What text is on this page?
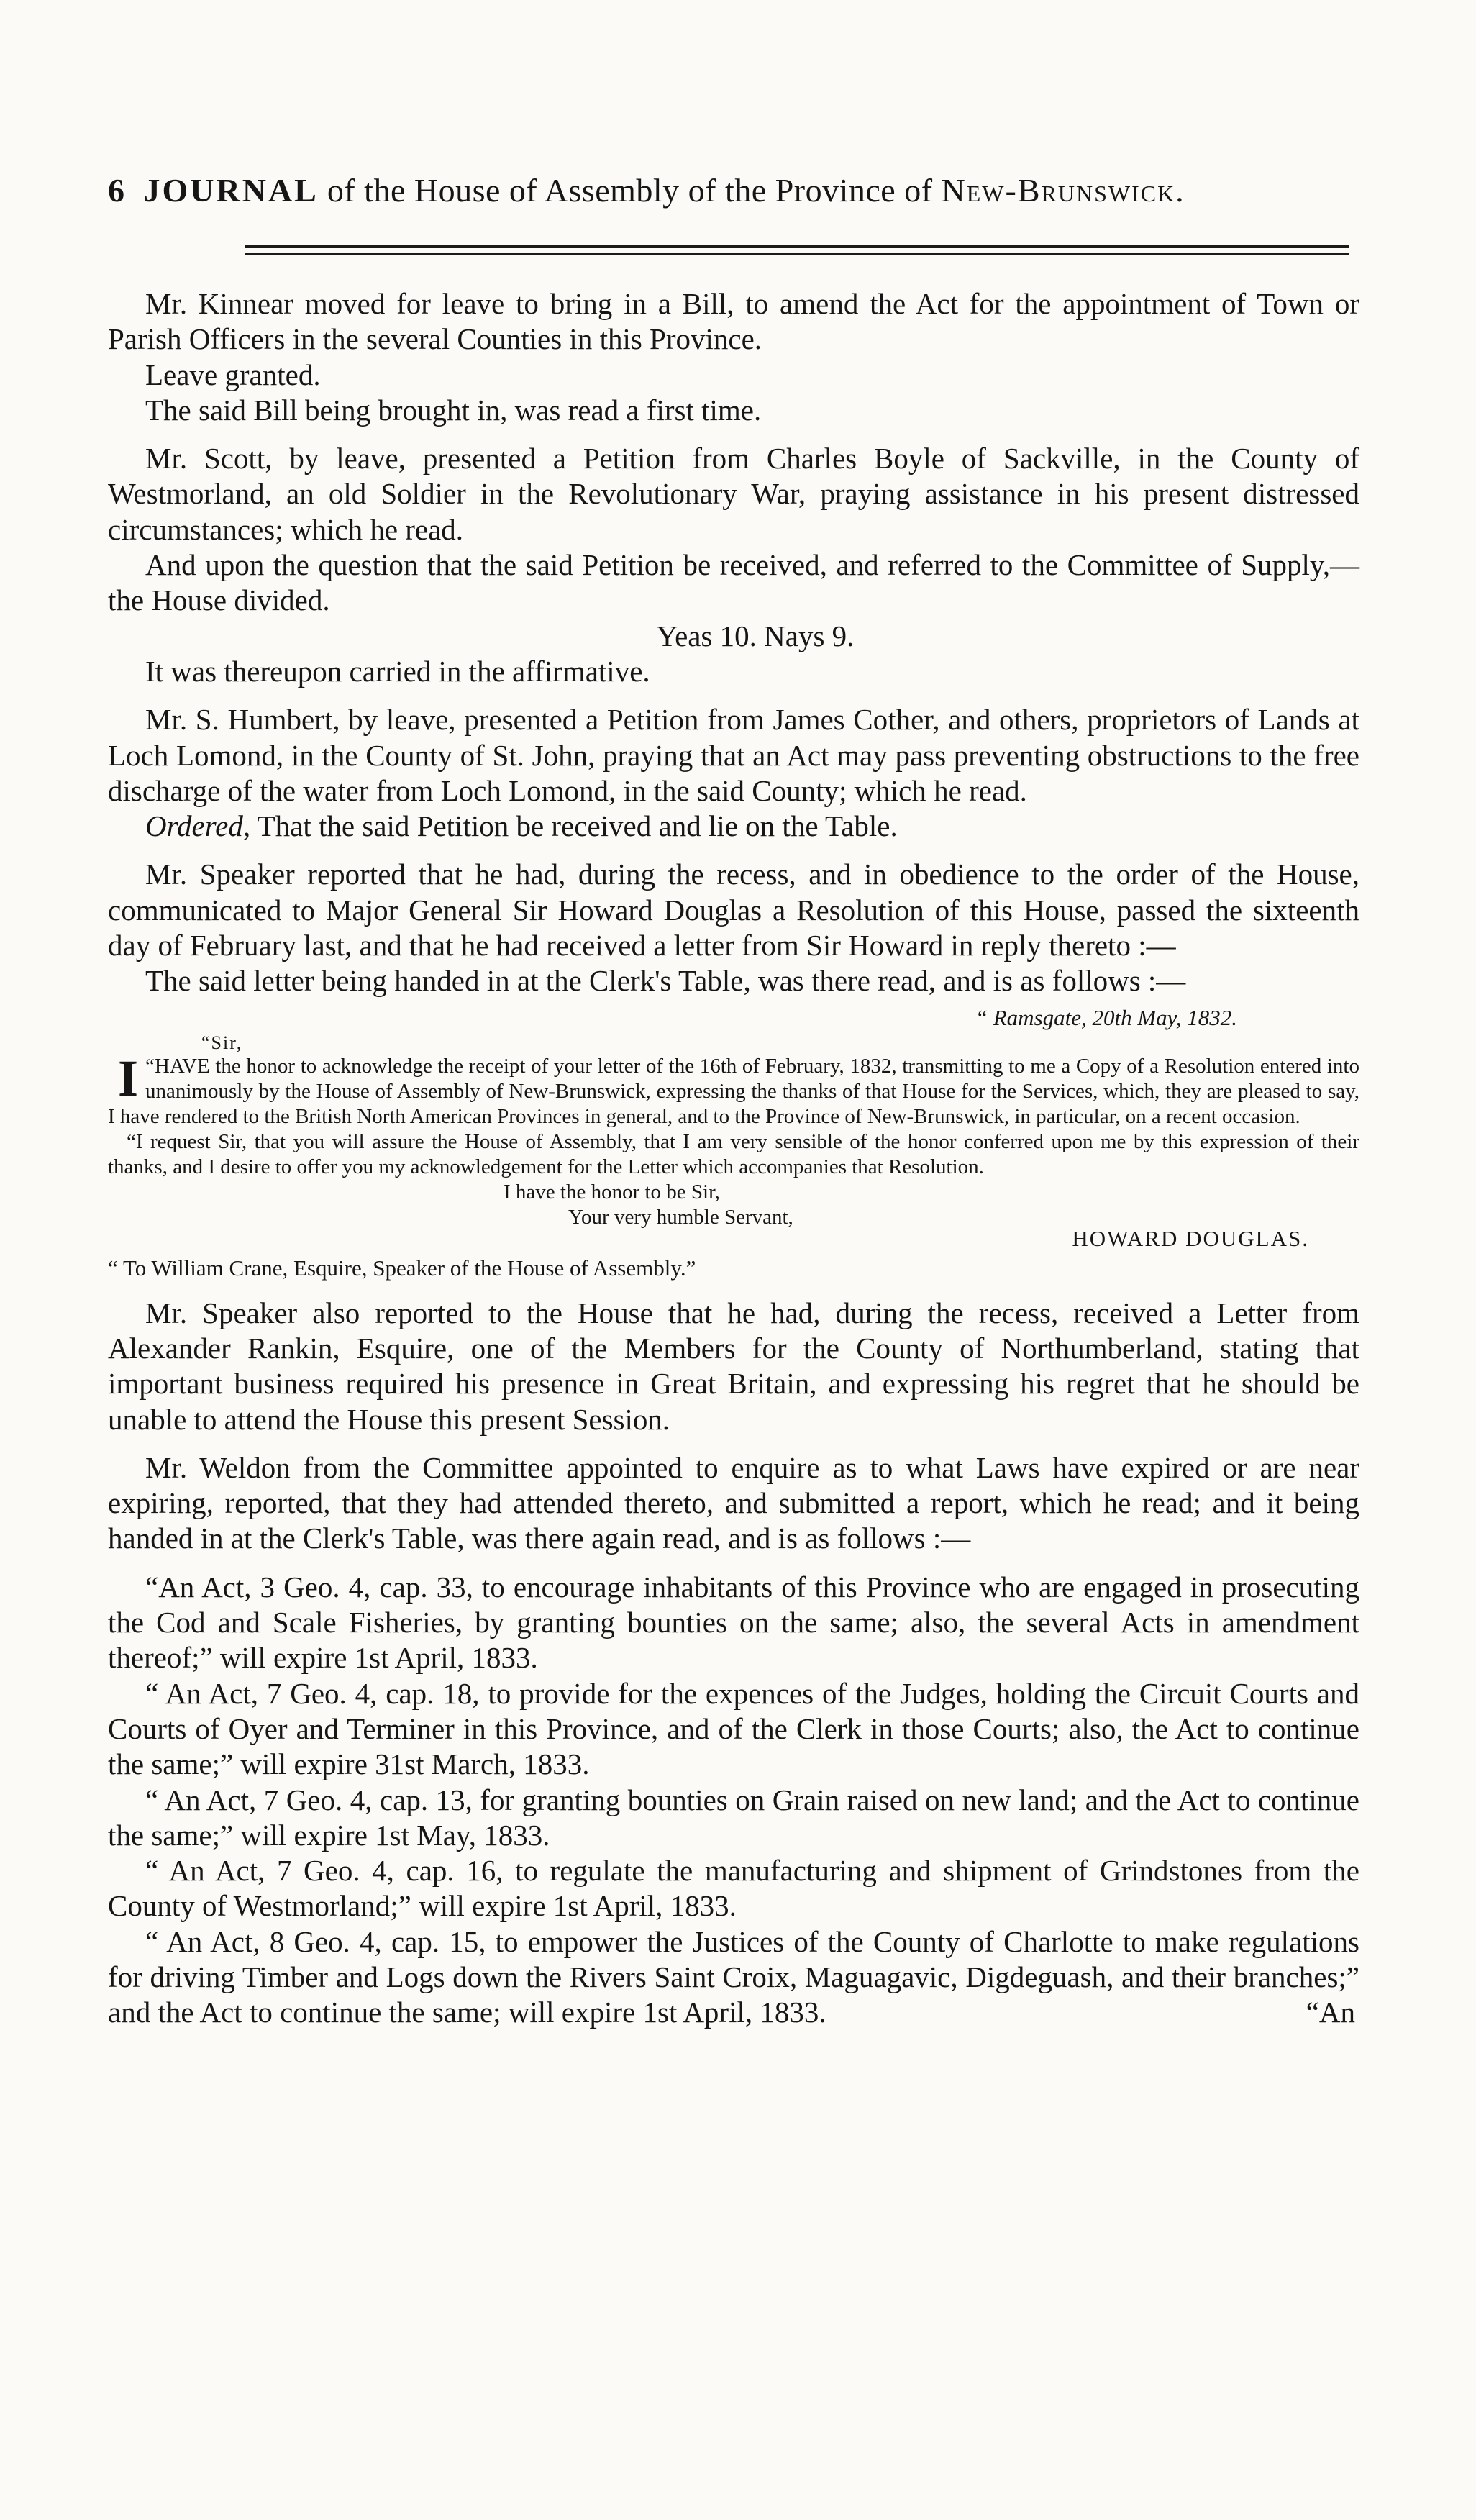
6 JOURNAL of the House of Assembly of the Province of New-Brunswick.

Mr. Kinnear moved for leave to bring in a Bill, to amend the Act for the appointment of Town or Parish Officers in the several Counties in this Province.

Leave granted.

The said Bill being brought in, was read a first time.

Mr. Scott, by leave, presented a Petition from Charles Boyle of Sackville, in the County of Westmorland, an old Soldier in the Revolutionary War, praying assistance in his present distressed circumstances; which he read.

And upon the question that the said Petition be received, and referred to the Committee of Supply,—the House divided.

Yeas 10. Nays 9.

It was thereupon carried in the affirmative.

Mr. S. Humbert, by leave, presented a Petition from James Cother, and others, proprietors of Lands at Loch Lomond, in the County of St. John, praying that an Act may pass preventing obstructions to the free discharge of the water from Loch Lomond, in the said County; which he read.

Ordered, That the said Petition be received and lie on the Table.

Mr. Speaker reported that he had, during the recess, and in obedience to the order of the House, communicated to Major General Sir Howard Douglas a Resolution of this House, passed the sixteenth day of February last, and that he had received a letter from Sir Howard in reply thereto :—

The said letter being handed in at the Clerk's Table, was there read, and is as follows :—

“ Ramsgate, 20th May, 1832.

“Sir,

“
I HAVE the honor to acknowledge the receipt of your letter of the 16th of February, 1832, transmitting to me a Copy of a Resolution entered into unanimously by the House of Assembly of New-Brunswick, expressing the thanks of that House for the Services, which, they are pleased to say, I have rendered to the British North American Provinces in general, and to the Province of New-Brunswick, in particular, on a recent occasion.

“I request Sir, that you will assure the House of Assembly, that I am very sensible of the honor conferred upon me by this expression of their thanks, and I desire to offer you my acknowledgement for the Letter which accompanies that Resolution.

I have the honor to be Sir,

Your very humble Servant,

HOWARD DOUGLAS.

“ To William Crane, Esquire, Speaker of the House of Assembly.”

Mr. Speaker also reported to the House that he had, during the recess, received a Letter from Alexander Rankin, Esquire, one of the Members for the County of Northumberland, stating that important business required his presence in Great Britain, and expressing his regret that he should be unable to attend the House this present Session.

Mr. Weldon from the Committee appointed to enquire as to what Laws have expired or are near expiring, reported, that they had attended thereto, and submitted a report, which he read; and it being handed in at the Clerk's Table, was there again read, and is as follows :—

“An Act, 3 Geo. 4, cap. 33, to encourage inhabitants of this Province who are engaged in prosecuting the Cod and Scale Fisheries, by granting bounties on the same; also, the several Acts in amendment thereof;” will expire 1st April, 1833.

“ An Act, 7 Geo. 4, cap. 18, to provide for the expences of the Judges, holding the Circuit Courts and Courts of Oyer and Terminer in this Province, and of the Clerk in those Courts; also, the Act to continue the same;” will expire 31st March, 1833.

“ An Act, 7 Geo. 4, cap. 13, for granting bounties on Grain raised on new land; and the Act to continue the same;” will expire 1st May, 1833.

“ An Act, 7 Geo. 4, cap. 16, to regulate the manufacturing and shipment of Grindstones from the County of Westmorland;” will expire 1st April, 1833.

“ An Act, 8 Geo. 4, cap. 15, to empower the Justices of the County of Charlotte to make regulations for driving Timber and Logs down the Rivers Saint Croix, Maguagavic, Digdeguash, and their branches;” and the Act to continue the same; will expire 1st April, 1833.	“An
